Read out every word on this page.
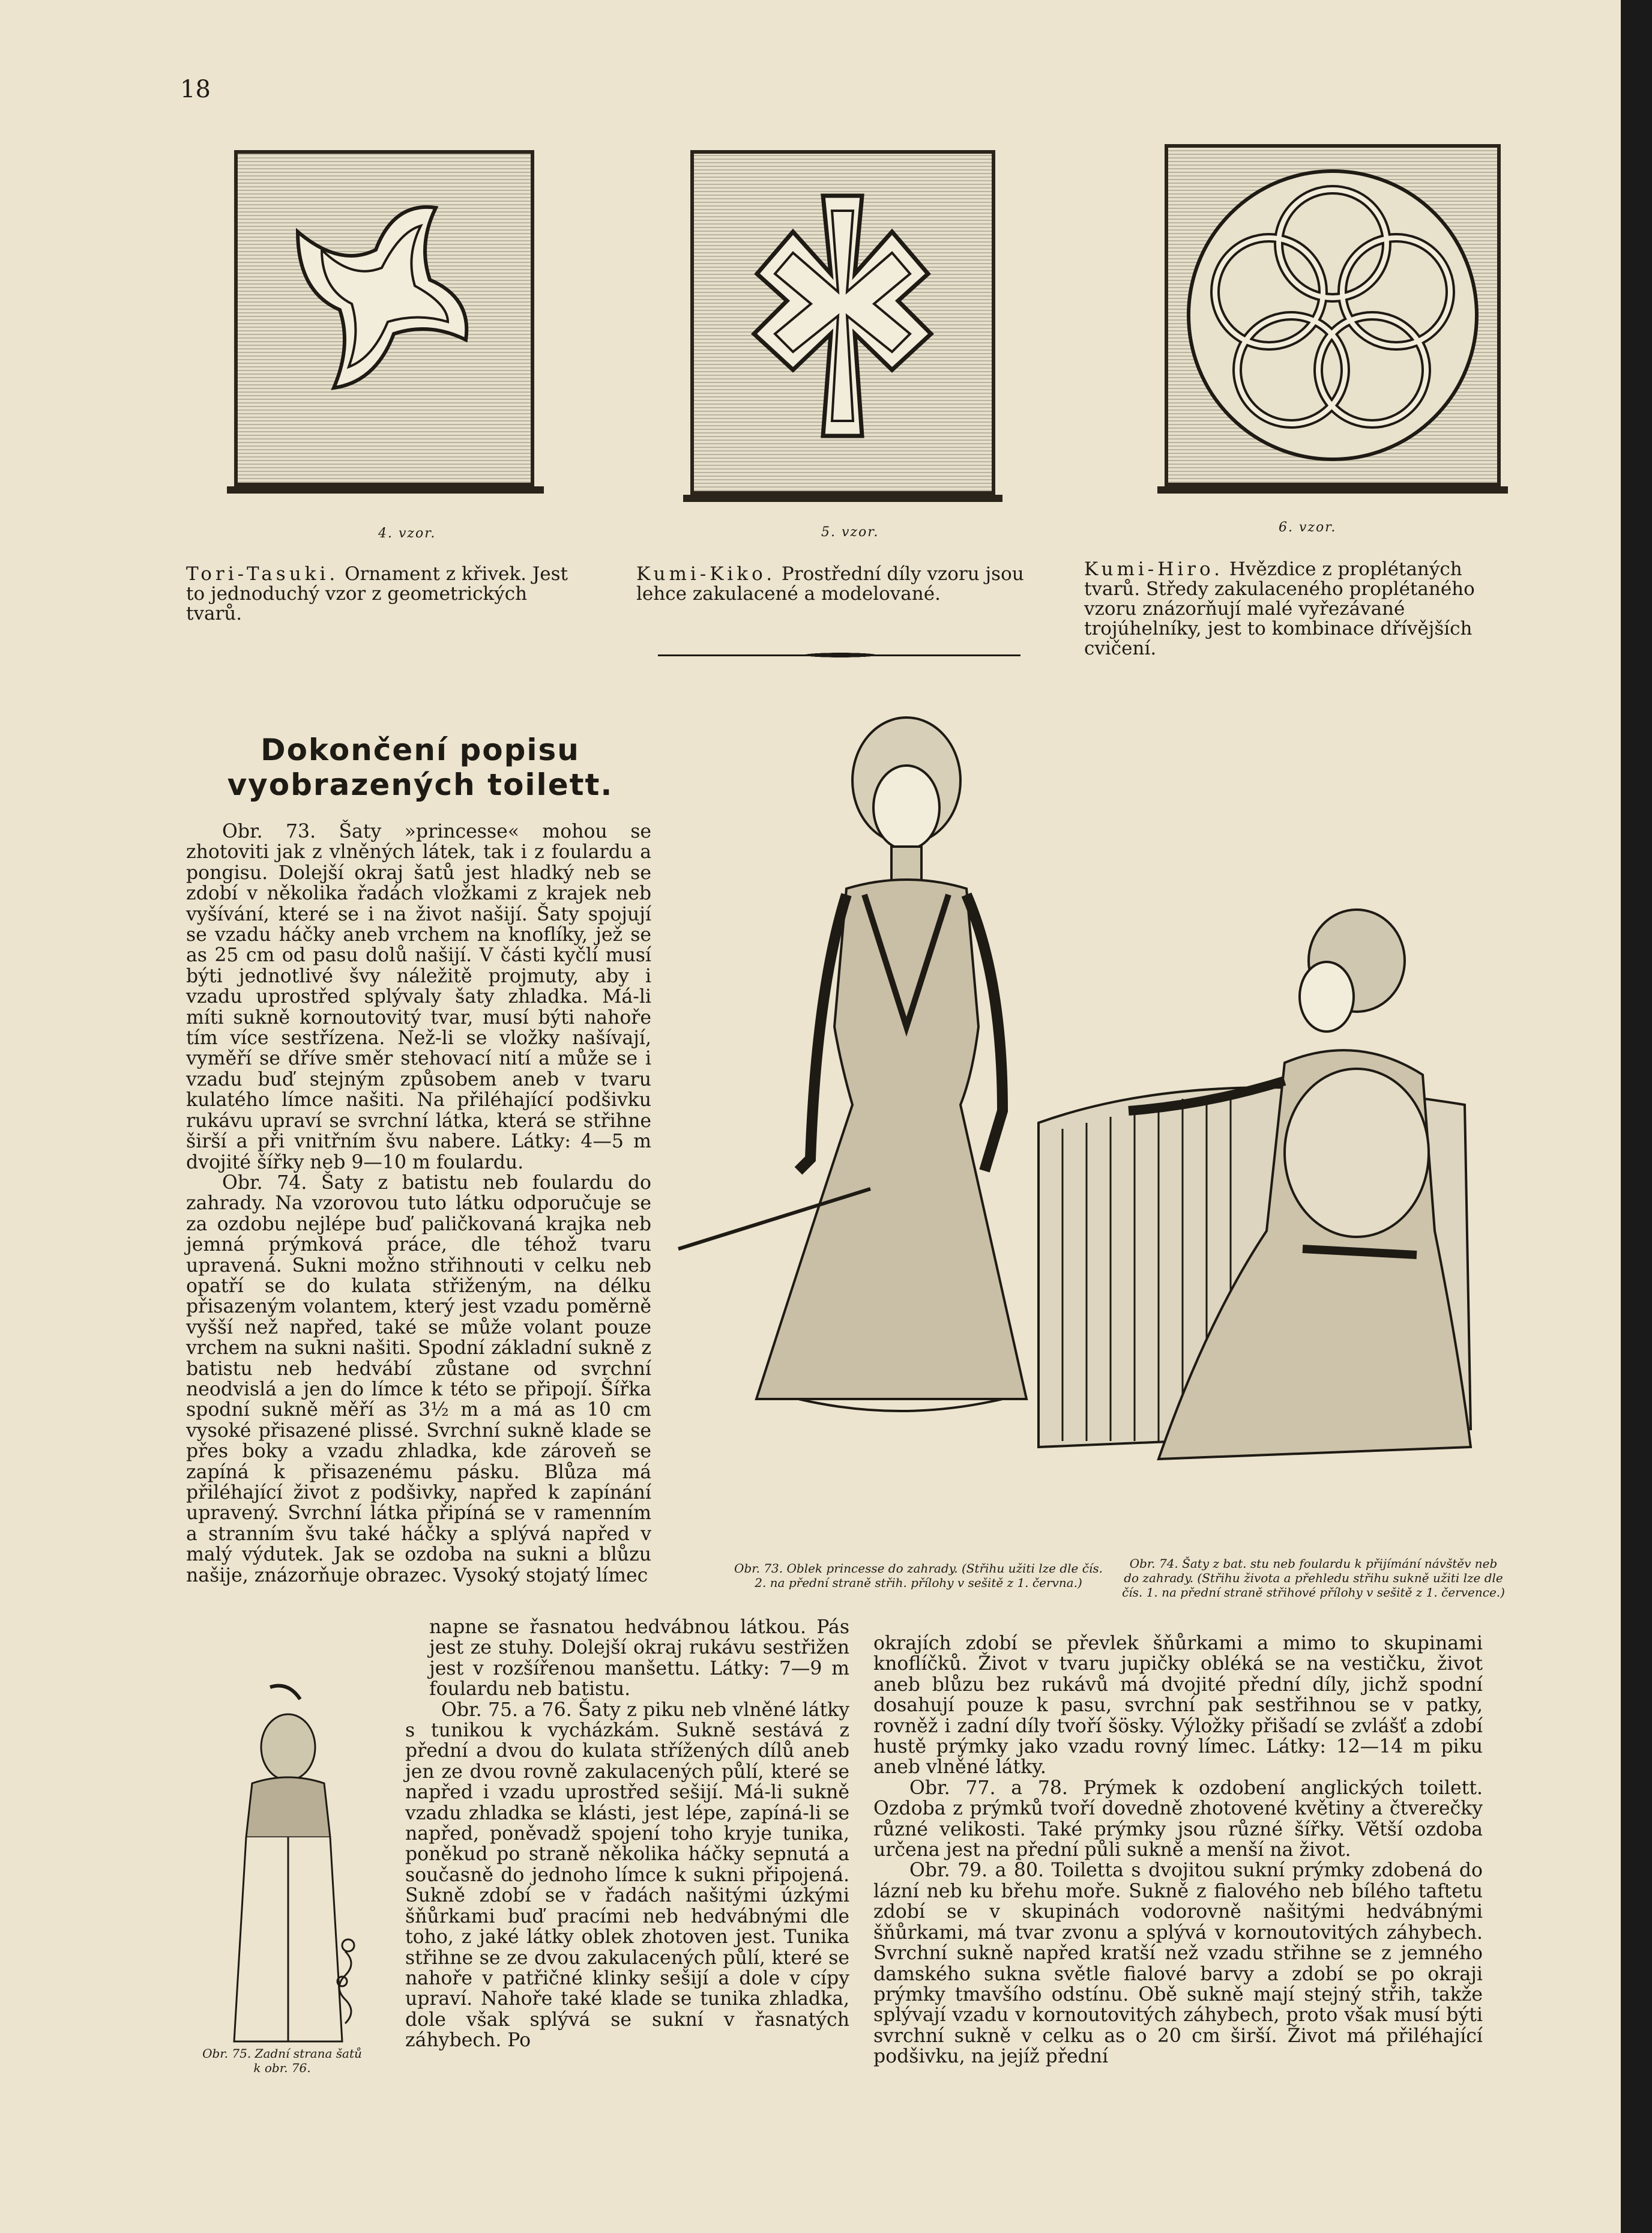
18
4. vzor.	5. vzor.	6. vzor.
Tori-Tasuki. Ornament z křivek. Jest to jednoduchý vzor z geometrických tvarů.
Kumi-Kiko. Prostřední díly vzoru jsou lehce zakulacené a modelované.
Kumi-Hiro. Hvězdice z proplétaných tvarů. Středy zakulaceného proplétaného vzoru znázorňují malé vyřezávané trojúhelníky, jest to kombinace dřívějších cvičení.
Dokončení popisu vyobrazených toilett.

Obr. 73. Šaty »princesse« mohou se zhotoviti jak z vlněných látek, tak i z foulardu a pongisu. Dolejší okraj šatů jest hladký neb se zdobí v několika řadách vložkami z krajek neb vyšívání, které se i na život našijí. Šaty spojují se vzadu háčky aneb vrchem na knoflíky, jež se as 25 cm od pasu dolů našijí. V části kyčlí musí býti jednotlivé švy náležitě projmuty, aby i vzadu uprostřed splývaly šaty zhladka. Má-li míti sukně kornoutovitý tvar, musí býti nahoře tím více sestřízena. Než-li se vložky našívají, vyměří se dříve směr stehovací nití a může se i vzadu buď stejným způsobem aneb v tvaru kulatého límce našiti. Na přiléhající podšivku rukávu upraví se svrchní látka, která se střihne širší a při vnitřním švu nabere. Látky: 4—5 m dvojité šířky neb 9—10 m foulardu.

Obr. 74. Šaty z batistu neb foulardu do zahrady. Na vzorovou tuto látku odporučuje se za ozdobu nejlépe buď paličkovaná krajka neb jemná prýmková práce, dle téhož tvaru upravená. Sukni možno střihnouti v celku neb opatří se do kulata střiženým, na délku přisazeným volantem, který jest vzadu poměrně vyšší než napřed, také se může volant pouze vrchem na sukni našiti. Spodní základní sukně z batistu neb hedvábí zůstane od svrchní neodvislá a jen do límce k této se připojí. Šířka spodní sukně měří as 3½ m a má as 10 cm vysoké přisazené plissé. Svrchní sukně klade se přes boky a vzadu zhladka, kde zároveň se zapíná k přisazenému pásku. Blůza má přiléhající život z podšivky, napřed k zapínání upravený. Svrchní látka připíná se v ramenním a stranním švu také háčky a splývá napřed v malý výdutek. Jak se ozdoba na sukni a blůzu našije, znázorňuje obrazec. Vysoký stojatý límec

napne se řasnatou hedvábnou látkou. Pás jest ze stuhy. Dolejší okraj rukávu sestřižen jest v rozšířenou manšettu. Látky: 7—9 m foulardu neb batistu.

Obr. 75. a 76. Šaty z piku neb vlněné látky s tunikou k vycházkám. Sukně sestává z přední a dvou do kulata střížených dílů aneb jen ze dvou rovně zakulacených půlí, které se napřed i vzadu uprostřed sešijí. Má-li sukně vzadu zhladka se klásti, jest lépe, zapíná-li se napřed, poněvadž spojení toho kryje tunika, poněkud po straně několika háčky sepnutá a současně do jednoho límce k sukni připojená. Sukně zdobí se v řadách našitými úzkými šňůrkami buď pracími neb hedvábnými dle toho, z jaké látky oblek zhotoven jest. Tunika střihne se ze dvou zakulacených půlí, které se nahoře v patřičné klinky sešijí a dole v cípy upraví. Nahoře také klade se tunika zhladka, dole však splývá se sukní v řasnatých záhybech. Po

okrajích zdobí se převlek šňůrkami a mimo to skupinami knoflíčků. Život v tvaru jupičky obléká se na vestičku, život aneb blůzu bez rukávů má dvojité přední díly, jichž spodní dosahují pouze k pasu, svrchní pak sestřihnou se v patky, rovněž i zadní díly tvoří šösky. Výložky přišadí se zvlášť a zdobí hustě prýmky jako vzadu rovný límec. Látky: 12—14 m piku aneb vlněné látky.

Obr. 77. a 78. Prýmek k ozdobení anglických toilett. Ozdoba z prýmků tvoří dovedně zhotovené květiny a čtverečky různé velikosti. Také prýmky jsou různé šířky. Větší ozdoba určena jest na přední půli sukně a menší na život.

Obr. 79. a 80. Toiletta s dvojitou sukní prýmky zdobená do lázní neb ku břehu moře. Sukně z fialového neb bílého taftetu zdobí se v skupinách vodorovně našitými hedvábnými šňůrkami, má tvar zvonu a splývá v kornoutovitých záhybech. Svrchní sukně napřed kratší než vzadu střihne se z jemného damského sukna světle fialové barvy a zdobí se po okraji prýmky tmavšího odstínu. Obě sukně mají stejný střih, takže splývají vzadu v kornoutovitých záhybech, proto však musí býti svrchní sukně v celku as o 20 cm širší. Život má přiléhající podšivku, na jejíž přední

Obr. 73. Oblek princesse do zahrady. (Střihu užiti lze dle čís. 2. na přední straně střih. přílohy v sešitě z 1. června.)
Obr. 74. Šaty z bat. stu neb foulardu k přijímání návštěv neb do zahrady. (Střihu života a přehledu střihu sukně užiti lze dle čís. 1. na přední straně střihové přílohy v sešitě z 1. července.)
Obr. 75. Zadní strana šatů k obr. 76.
